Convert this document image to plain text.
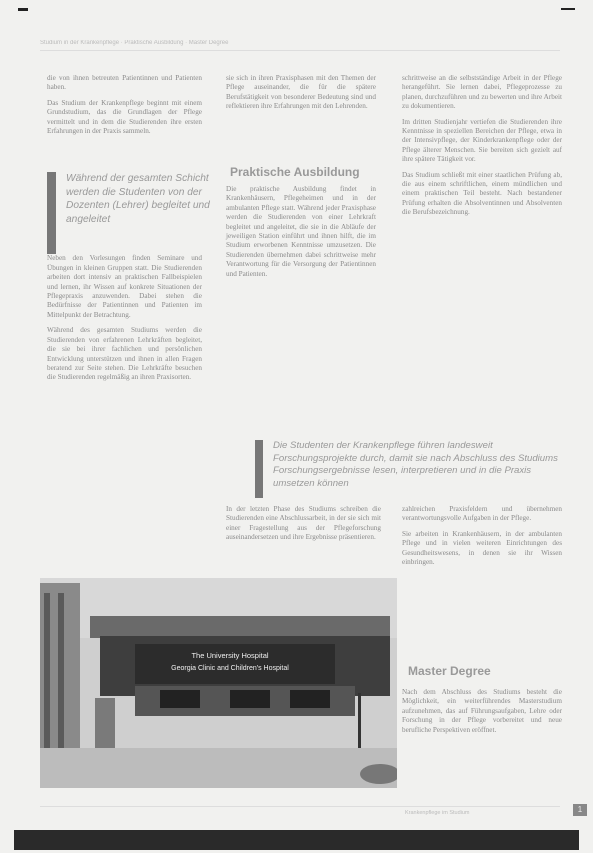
Studium in der Krankenpflege · Praktische Ausbildung · Master Degree

die von ihnen betreuten Patientinnen und Patienten haben.

Das Studium der Krankenpflege beginnt mit einem Grundstudium, das die Grundlagen der Pflege vermittelt und in dem die Studierenden ihre ersten Erfahrungen in der Praxis sammeln.

Neben den Vorlesungen finden Seminare und Übungen in kleinen Gruppen statt. Die Studierenden arbeiten dort intensiv an praktischen Fallbeispielen und lernen, ihr Wissen auf konkrete Situationen der Pflegepraxis anzuwenden. Dabei stehen die Bedürfnisse der Patientinnen und Patienten im Mittelpunkt der Betrachtung.

Während des gesamten Studiums werden die Studierenden von erfahrenen Lehrkräften begleitet, die sie bei ihrer fachlichen und persönlichen Entwicklung unterstützen und ihnen in allen Fragen beratend zur Seite stehen. Die Lehrkräfte besuchen die Studierenden regelmäßig an ihren Praxisorten.

Während der gesamten Schicht werden die Studenten von der Dozenten (Lehrer) begleitet und angeleitet

sie sich in ihren Praxisphasen mit den Themen der Pflege auseinander, die für die spätere Berufstätigkeit von besonderer Bedeutung sind und reflektieren ihre Erfahrungen mit den Lehrenden.

Praktische Ausbildung

Die praktische Ausbildung findet in Krankenhäusern, Pflegeheimen und in der ambulanten Pflege statt. Während jeder Praxisphase werden die Studierenden von einer Lehrkraft begleitet und angeleitet, die sie in die Abläufe der jeweiligen Station einführt und ihnen hilft, die im Studium erworbenen Kenntnisse umzusetzen. Die Studierenden übernehmen dabei schrittweise mehr Verantwortung für die Versorgung der Patientinnen und Patienten.

schrittweise an die selbstständige Arbeit in der Pflege herangeführt. Sie lernen dabei, Pflegeprozesse zu planen, durchzuführen und zu bewerten und ihre Arbeit zu dokumentieren.

Im dritten Studienjahr vertiefen die Studierenden ihre Kenntnisse in speziellen Bereichen der Pflege, etwa in der Intensivpflege, der Kinderkrankenpflege oder der Pflege älterer Menschen. Sie bereiten sich gezielt auf ihre spätere Tätigkeit vor.

Das Studium schließt mit einer staatlichen Prüfung ab, die aus einem schriftlichen, einem mündlichen und einem praktischen Teil besteht. Nach bestandener Prüfung erhalten die Absolventinnen und Absolventen die Berufsbezeichnung.

Die Studenten der Krankenpflege führen landesweit Forschungsprojekte durch, damit sie nach Abschluss des Studiums Forschungsergebnisse lesen, interpretieren und in die Praxis umsetzen können

In der letzten Phase des Studiums schreiben die Studierenden eine Abschlussarbeit, in der sie sich mit einer Fragestellung aus der Pflegeforschung auseinandersetzen und ihre Ergebnisse präsentieren.

zahlreichen Praxisfeldern und übernehmen verantwortungsvolle Aufgaben in der Pflege.

Sie arbeiten in Krankenhäusern, in der ambulanten Pflege und in vielen weiteren Einrichtungen des Gesundheitswesens, in denen sie ihr Wissen einbringen.

Master Degree

Nach dem Abschluss des Studiums besteht die Möglichkeit, ein weiterführendes Masterstudium aufzunehmen, das auf Führungsaufgaben, Lehre oder Forschung in der Pflege vorbereitet und neue berufliche Perspektiven eröffnet.

The University Hospital
Georgia Clinic and Children's Hospital
Krankenpflege im Studium	1
